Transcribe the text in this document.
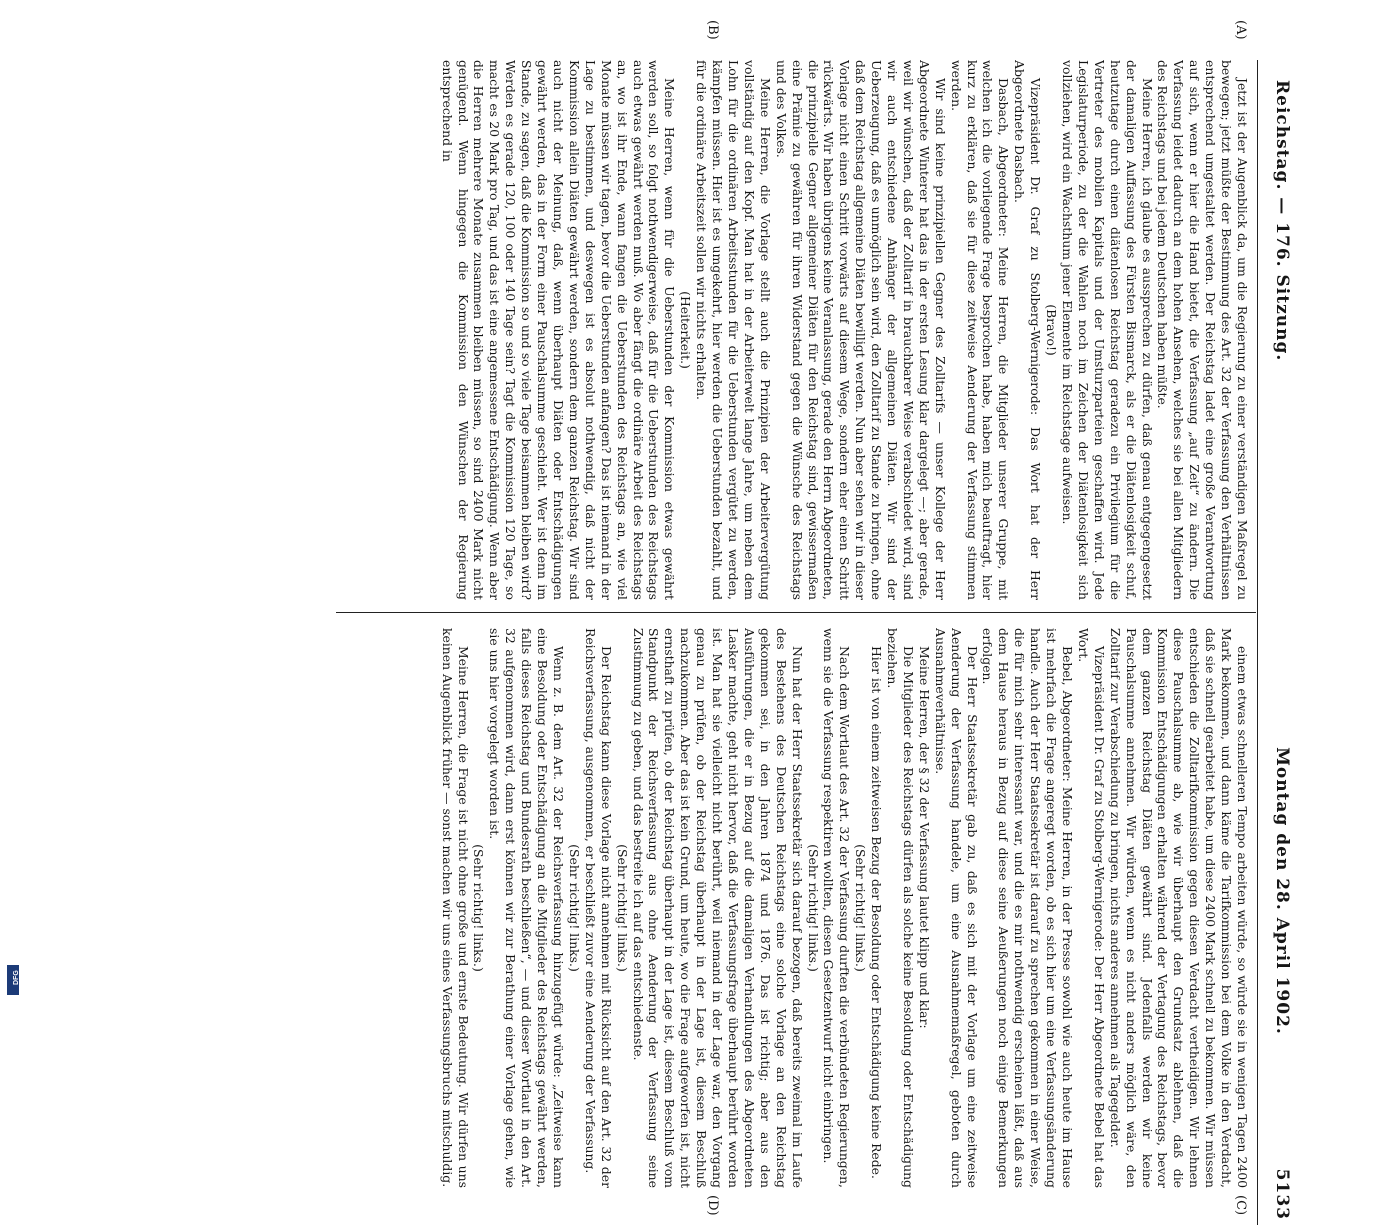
DFG
Reichstag. — 176. Sitzung.
Montag den 28. April 1902.  5133
(A)
(B)
(C)
(D)

Jetzt ist der Augenblick da, um die Regierung zu einer verständigen Maßregel zu bewegen; jetzt müßte der Bestimmung des Art. 32 der Verfassung den Verhältnissen entsprechend umgestaltet werden. Der Reichstag ladet eine große Verantwortung auf sich, wenn er hier die Hand bietet, die Verfassung „auf Zeit“ zu ändern. Die Verfassung leidet dadurch an dem hohen Ansehen, welches sie bei allen Mitgliedern des Reichstags und bei jedem Deutschen haben müßte.

Meine Herren, ich glaube es aussprechen zu dürfen, daß genau entgegengesetzt der damaligen Auffassung des Fürsten Bismarck, als er die Diätenlosigkeit schuf, heutzutage durch einen diätenlosen Reichstag geradezu ein Privilegium für die Vertreter des mobilen Kapitals und der Umsturzparteien geschaffen wird. Jede Legislaturperiode, zu der die Wahlen noch im Zeichen der Diätenlosigkeit sich vollziehen, wird ein Wachsthum jener Elemente im Reichstage aufweisen.

(Bravo!)

Vizepräsident Dr. Graf zu Stolberg-Wernigerode: Das Wort hat der Herr Abgeordnete Dasbach.

Dasbach, Abgeordneter: Meine Herren, die Mitglieder unserer Gruppe, mit welchen ich die vorliegende Frage besprochen habe, haben mich beauftragt, hier kurz zu erklären, daß sie für diese zeitweise Aenderung der Verfassung stimmen werden.

Wir sind keine prinzipiellen Gegner des Zolltarifs — unser Kollege der Herr Abgeordnete Winterer hat das in der ersten Lesung klar dargelegt —; aber gerade, weil wir wünschen, daß der Zolltarif in brauchbarer Weise verabschiedet wird, sind wir auch entschiedene Anhänger der allgemeinen Diäten. Wir sind der Ueberzeugung, daß es unmöglich sein wird, den Zolltarif zu Stande zu bringen, ohne daß dem Reichstag allgemeine Diäten bewilligt werden. Nun aber sehen wir in dieser Vorlage nicht einen Schritt vorwärts auf diesem Wege, sondern eher einen Schritt rückwärts. Wir haben übrigens keine Veranlassung, gerade den Herrn Abgeordneten, die prinzipielle Gegner allgemeiner Diäten für den Reichstag sind, gewissermaßen eine Prämie zu gewähren für ihren Widerstand gegen die Wünsche des Reichstags und des Volkes.

Meine Herren, die Vorlage stellt auch die Prinzipien der Arbeitervergütung vollständig auf den Kopf. Man hat in der Arbeiterwelt lange Jahre, um neben dem Lohn für die ordinären Arbeitsstunden für die Ueberstunden vergütet zu werden, kämpfen müssen. Hier ist es umgekehrt, hier werden die Ueberstunden bezahlt, und für die ordinäre Arbeitszeit sollen wir nichts erhalten.

(Heiterkeit.)

Meine Herren, wenn für die Ueberstunden der Kommission etwas gewährt werden soll, so folgt nothwendigerweise, daß für die Ueberstunden des Reichstags auch etwas gewährt werden muß. Wo aber fängt die ordinäre Arbeit des Reichstags an, wo ist ihr Ende, wann fangen die Ueberstunden des Reichstags an, wie viel Monate müssen wir tagen, bevor die Ueberstunden anfangen? Das ist niemand in der Lage zu bestimmen, und deswegen ist es absolut nothwendig, daß nicht der Kommission allein Diäten gewährt werden, sondern dem ganzen Reichstag. Wir sind auch nicht der Meinung, daß, wenn überhaupt Diäten oder Entschädigungen gewährt werden, das in der Form einer Pauschalsumme geschieht. Wer ist denn im Stande, zu sagen, daß die Kommission so und so viele Tage beisammen bleiben wird? Werden es gerade 120, 100 oder 140 Tage sein? Tagt die Kommission 120 Tage, so macht es 20 Mark pro Tag, und das ist eine angemessene Entschädigung. Wenn aber die Herren mehrere Monate zusammen bleiben müssen, so sind 2400 Mark nicht genügend. Wenn hingegen die Kommission den Wünschen der Regierung entsprechend in

einem etwas schnelleren Tempo arbeiten würde, so würde sie in wenigen Tagen 2400 Mark bekommen, und dann käme die Tarifkommission bei dem Volke in den Verdacht, daß sie schnell gearbeitet habe, um diese 2400 Mark schnell zu bekommen. Wir müssen entschieden die Zolltarifkommission gegen diesen Verdacht vertheidigen. Wir lehnen diese Pauschalsumme ab, wie wir überhaupt den Grundsatz ablehnen, daß die Kommission Entschädigungen erhalten während der Vertagung des Reichstags, bevor dem ganzen Reichstag Diäten gewährt sind. Jedenfalls werden wir keine Pauschalsumme annehmen. Wir würden, wenn es nicht anders möglich wäre, den Zolltarif zur Verabschiedung zu bringen, nichts anderes annehmen als Tagegelder.

Vizepräsident Dr. Graf zu Stolberg-Wernigerode: Der Herr Abgeordnete Bebel hat das Wort.

Bebel, Abgeordneter: Meine Herren, in der Presse sowohl wie auch heute im Hause ist mehrfach die Frage angeregt worden, ob es sich hier um eine Verfassungsänderung handle. Auch der Herr Staatssekretär ist darauf zu sprechen gekommen in einer Weise, die für mich sehr interessant war, und die es mir nothwendig erscheinen läßt, daß aus dem Hause heraus in Bezug auf diese seine Aeußerungen noch einige Bemerkungen erfolgen.

Der Herr Staatssekretär gab zu, daß es sich mit der Vorlage um eine zeitweise Aenderung der Verfassung handele, um eine Ausnahmemaßregel, geboten durch Ausnahmeverhältnisse.

Meine Herren, der § 32 der Verfassung lautet klipp und klar:

Die Mitglieder des Reichstags dürfen als solche keine Besoldung oder Entschädigung beziehen.

Hier ist von einem zeitweisen Bezug der Besoldung oder Entschädigung keine Rede.

(Sehr richtig! links.)

Nach dem Wortlaut des Art. 32 der Verfassung durften die verbündeten Regierungen, wenn sie die Verfassung respektiren wollten, diesen Gesetzentwurf nicht einbringen.

(Sehr richtig! links.)

Nun hat der Herr Staatssekretär sich darauf bezogen, daß bereits zweimal im Laufe des Bestehens des Deutschen Reichstags eine solche Vorlage an den Reichstag gekommen sei, in den Jahren 1874 und 1876. Das ist richtig; aber aus den Ausführungen, die er in Bezug auf die damaligen Verhandlungen des Abgeordneten Lasker machte, geht nicht hervor, daß die Verfassungsfrage überhaupt berührt worden ist. Man hat sie vielleicht nicht berührt, weil niemand in der Lage war, den Vorgang genau zu prüfen, ob der Reichstag überhaupt in der Lage ist, diesem Beschluß nachzukommen. Aber das ist kein Grund, um heute, wo die Frage aufgeworfen ist, nicht ernsthaft zu prüfen, ob der Reichstag überhaupt in der Lage ist, diesem Beschluß vom Standpunkt der Reichsverfassung aus ohne Aenderung der Verfassung seine Zustimmung zu geben, und das bestreite ich auf das entschiedenste.

(Sehr richtig! links.)

Der Reichstag kann diese Vorlage nicht annehmen mit Rücksicht auf den Art. 32 der Reichsverfassung, ausgenommen, er beschließt zuvor eine Aenderung der Verfassung.

(Sehr richtig! links.)

Wenn z. B. dem Art. 32 der Reichsverfassung hinzugefügt würde: „Zeitweise kann eine Besoldung oder Entschädigung an die Mitglieder des Reichstags gewährt werden, falls dieses Reichstag und Bundesrath beschließen“, — und dieser Wortlaut in den Art. 32 aufgenommen wird, dann erst können wir zur Berathung einer Vorlage gehen, wie sie uns hier vorgelegt worden ist.

(Sehr richtig! links.)

Meine Herren, die Frage ist nicht ohne große und ernste Bedeutung. Wir dürfen uns keinen Augenblick früher — sonst machen wir uns eines Verfassungsbruchs mitschuldig.
